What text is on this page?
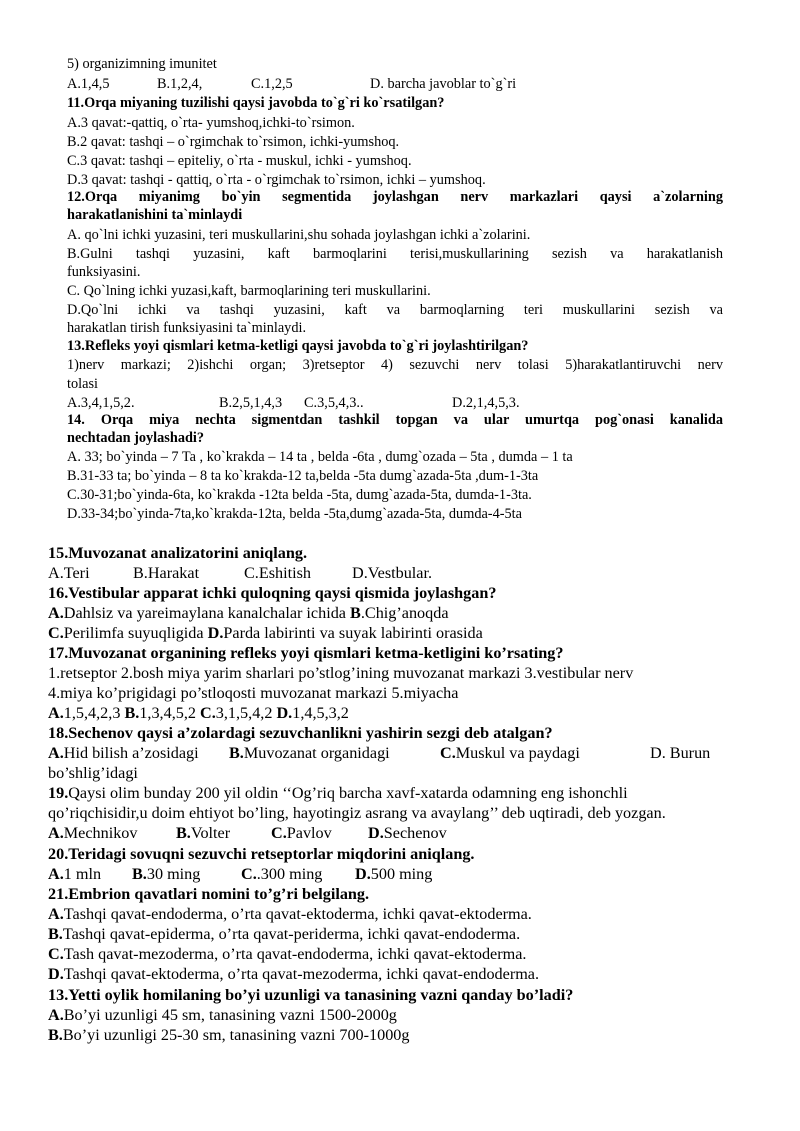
5) organizimning imunitet
A.1,4,5	B.1,2,4,	C.1,2,5	D. barcha javoblar to`g`ri
11.Orqa miyaning tuzilishi qaysi javobda to`g`ri ko`rsatilgan?
A.3 qavat:-qattiq, o`rta- yumshoq,ichki-to`rsimon.
B.2 qavat: tashqi – o`rgimchak to`rsimon, ichki-yumshoq.
C.3 qavat: tashqi – epiteliy, o`rta - muskul, ichki - yumshoq.
D.3 qavat: tashqi - qattiq, o`rta - o`rgimchak to`rsimon, ichki – yumshoq.
12.Orqa miyanimg bo`yin segmentida joylashgan nerv markazlari qaysi a`zolarning
harakatlanishini ta`minlaydi
A. qo`lni ichki yuzasini, teri muskullarini,shu sohada joylashgan ichki a`zolarini.
B.Gulni tashqi yuzasini, kaft barmoqlarini terisi,muskullarining sezish va harakatlanish
funksiyasini.
C. Qo`lning ichki yuzasi,kaft, barmoqlarining teri muskullarini.
D.Qo`lni ichki va tashqi yuzasini, kaft va barmoqlarning teri muskullarini sezish va
harakatlan tirish funksiyasini ta`minlaydi.
13.Refleks yoyi qismlari ketma-ketligi qaysi javobda to`g`ri joylashtirilgan?
1)nerv markazi; 2)ishchi organ; 3)retseptor 4) sezuvchi nerv tolasi 5)harakatlantiruvchi nerv
tolasi
A.3,4,1,5,2.	B.2,5,1,4,3 C.3,5,4,3..	D.2,1,4,5,3.
14. Orqa miya nechta sigmentdan tashkil topgan va ular umurtqa pog`onasi kanalida
nechtadan joylashadi?
A. 33; bo`yinda – 7 Ta , ko`krakda – 14 ta , belda -6ta , dumg`ozada – 5ta , dumda – 1 ta
B.31-33 ta; bo`yinda – 8 ta ko`krakda-12 ta,belda -5ta dumg`azada-5ta ,dum-1-3ta
C.30-31;bo`yinda-6ta, ko`krakda -12ta belda -5ta, dumg`azada-5ta, dumda-1-3ta.
D.33-34;bo`yinda-7ta,ko`krakda-12ta, belda -5ta,dumg`azada-5ta, dumda-4-5ta
15.Muvozanat analizatorini aniqlang.
A.Teri	B.Harakat	C.Eshitish	D.Vestbular.
16.Vestibular apparat ichki quloqning qaysi qismida joylashgan?
A.Dahlsiz va yareimaylana kanalchalar ichida B.Chig’anoqda
C.Perilimfa suyuqligida D.Parda labirinti va suyak labirinti orasida
17.Muvozanat organining refleks yoyi qismlari ketma-ketligini ko’rsating?
1.retseptor 2.bosh miya yarim sharlari po’stlog’ining muvozanat markazi 3.vestibular nerv
4.miya ko’prigidagi po’stloqosti muvozanat markazi 5.miyacha
A.1,5,4,2,3 B.1,3,4,5,2 C.3,1,5,4,2 D.1,4,5,3,2
18.Sechenov qaysi a’zolardagi sezuvchanlikni yashirin sezgi deb atalgan?
A.Hid bilish a’zosidagi B.Muvozanat organidagi	C.Muskul va paydagi	D. Burun
bo’shlig’idagi
19.Qaysi olim bunday 200 yil oldin ‘‘Og’riq barcha xavf-xatarda odamning eng ishonchli
qo’riqchisidir,u doim ehtiyot bo’ling, hayotingiz asrang va avaylang’’ deb uqtiradi, deb yozgan.
A.Mechnikov B.Volter	C.Pavlov D.Sechenov
20.Teridagi sovuqni sezuvchi retseptorlar miqdorini aniqlang.
A.1 mln B.30 ming	C..300 ming D.500 ming
21.Embrion qavatlari nomini to’g’ri belgilang.
A.Tashqi qavat-endoderma, o’rta qavat-ektoderma, ichki qavat-ektoderma.
B.Tashqi qavat-epiderma, o’rta qavat-periderma, ichki qavat-endoderma.
C.Tash qavat-mezoderma, o’rta qavat-endoderma, ichki qavat-ektoderma.
D.Tashqi qavat-ektoderma, o’rta qavat-mezoderma, ichki qavat-endoderma.
13.Yetti oylik homilaning bo’yi uzunligi va tanasining vazni qanday bo’ladi?
A.Bo’yi uzunligi 45 sm, tanasining vazni 1500-2000g
B.Bo’yi uzunligi 25-30 sm, tanasining vazni 700-1000g
